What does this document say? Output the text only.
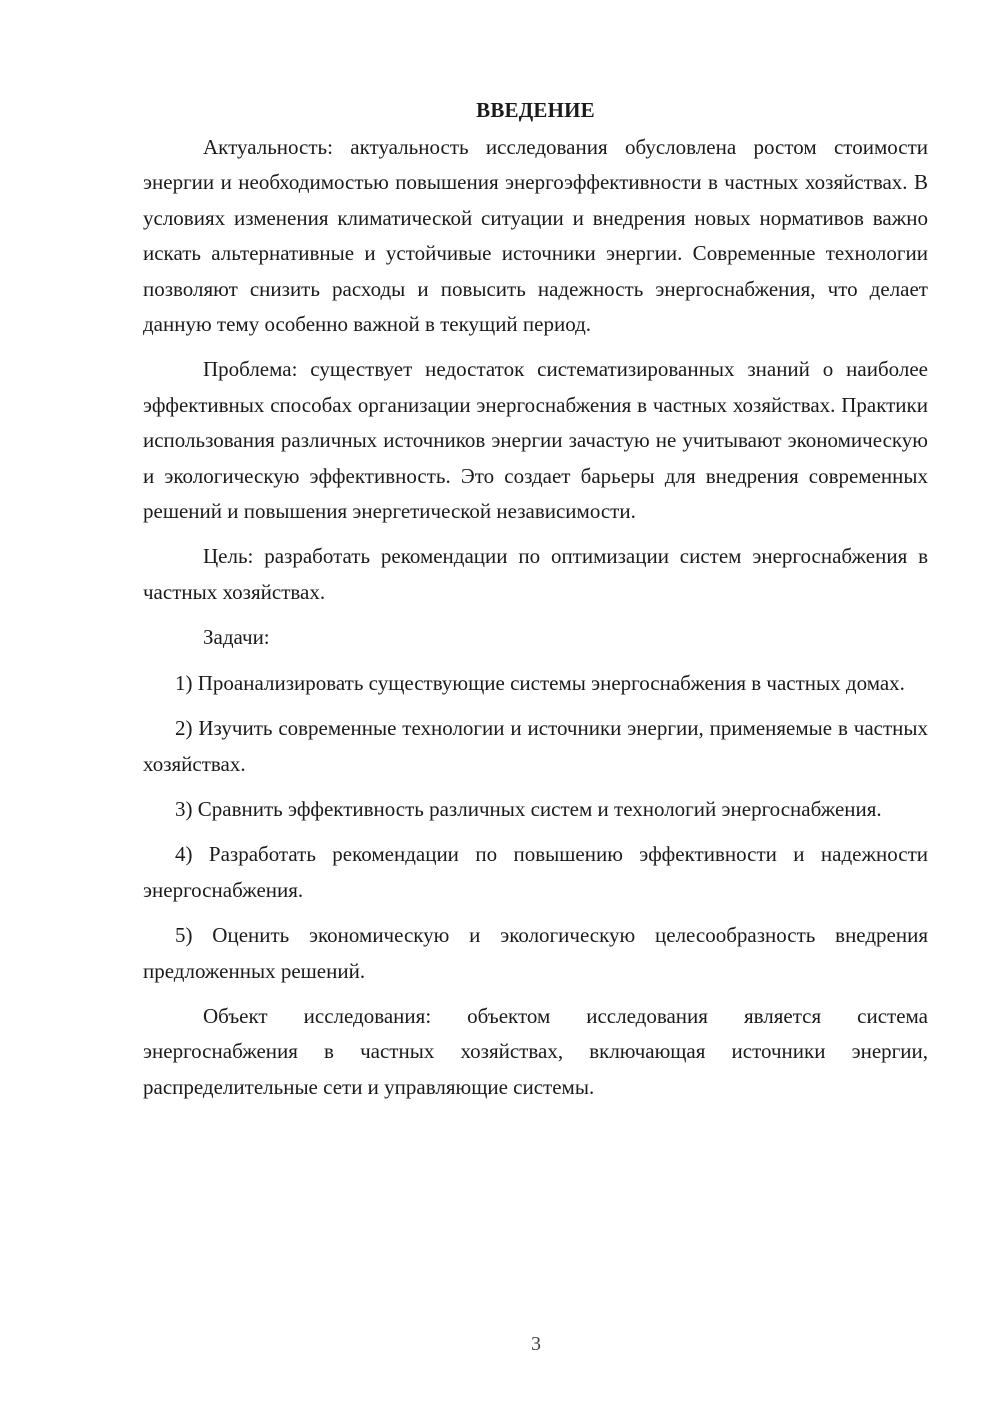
ВВЕДЕНИЕ

Актуальность: актуальность исследования обусловлена ростом стоимости энергии и необходимостью повышения энергоэффективности в частных хозяйствах. В условиях изменения климатической ситуации и внедрения новых нормативов важно искать альтернативные и устойчивые источники энергии. Современные технологии позволяют снизить расходы и повысить надежность энергоснабжения, что делает данную тему особенно важной в текущий период.

Проблема: существует недостаток систематизированных знаний о наиболее эффективных способах организации энергоснабжения в частных хозяйствах. Практики использования различных источников энергии зачастую не учитывают экономическую и экологическую эффективность. Это создает барьеры для внедрения современных решений и повышения энергетической независимости.

Цель: разработать рекомендации по оптимизации систем энергоснабжения в частных хозяйствах.

Задачи:

1) Проанализировать существующие системы энергоснабжения в частных домах.

2) Изучить современные технологии и источники энергии, применяемые в частных хозяйствах.

3) Сравнить эффективность различных систем и технологий энергоснабжения.

4) Разработать рекомендации по повышению эффективности и надежности энергоснабжения.

5) Оценить экономическую и экологическую целесообразность внедрения предложенных решений.

Объект исследования: объектом исследования является система энергоснабжения в частных хозяйствах, включающая источники энергии, распределительные сети и управляющие системы.

3
